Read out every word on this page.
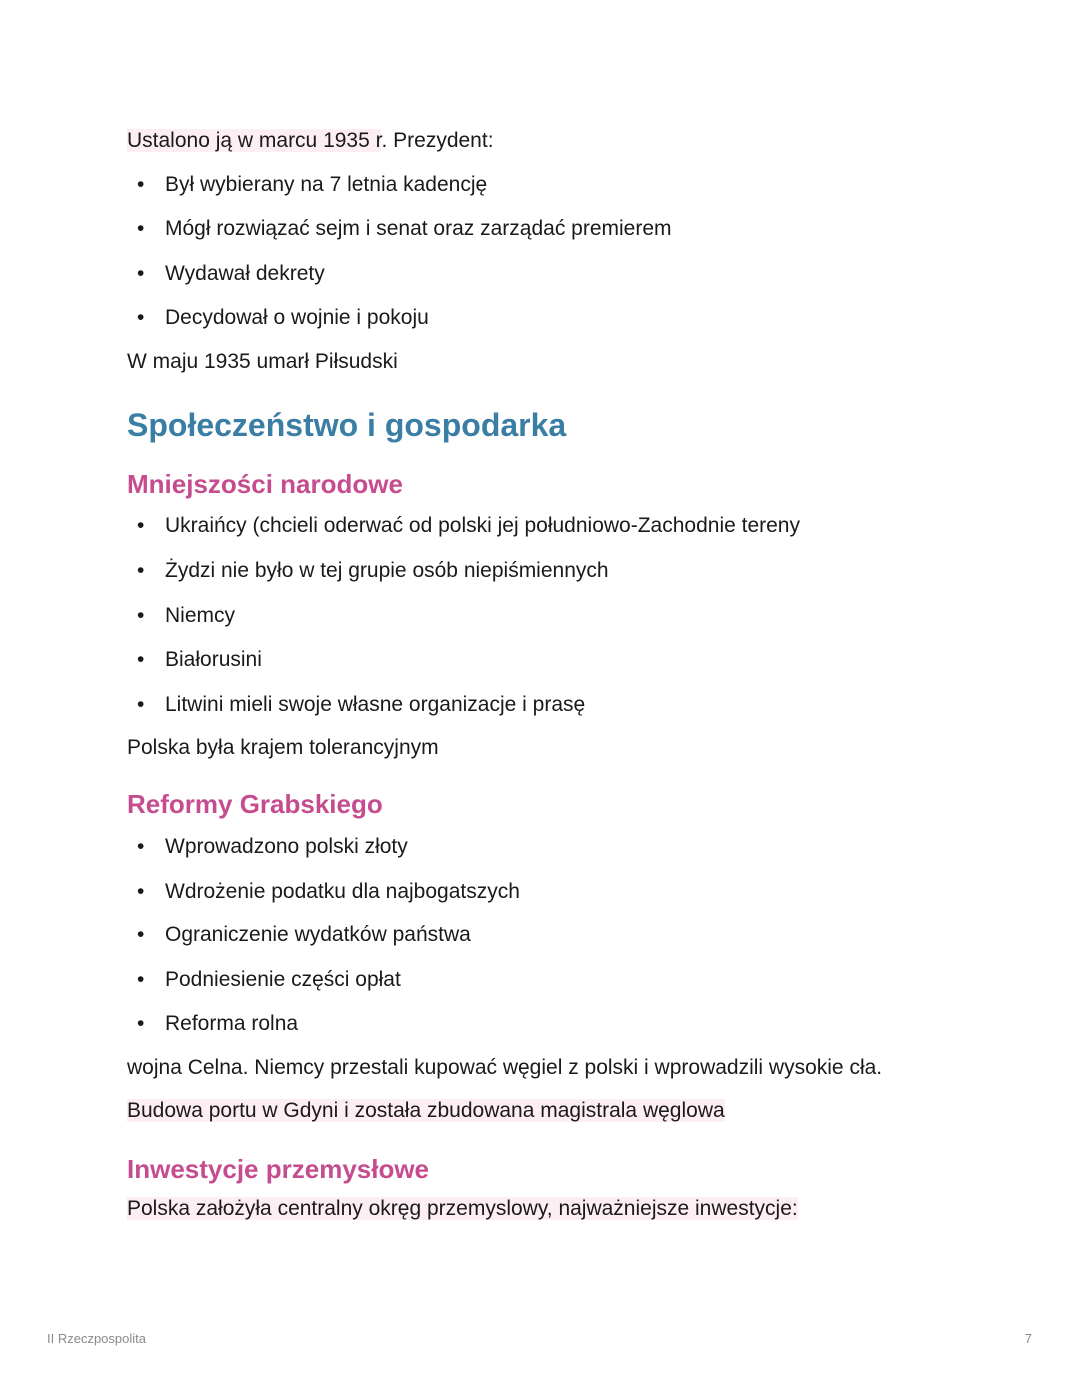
Ustalono ją w marcu 1935 r. Prezydent:

• Był wybierany na 7 letnia kadencję
• Mógł rozwiązać sejm i senat oraz zarządać premierem
• Wydawał dekrety
• Decydował o wojnie i pokoju

W maju 1935 umarł Piłsudski

Społeczeństwo i gospodarka
Mniejszości narodowe
• Ukraińcy (chcieli oderwać od polski jej południowo-Zachodnie tereny
• Żydzi nie było w tej grupie osób niepiśmiennych
• Niemcy
• Białorusini
• Litwini mieli swoje własne organizacje i prasę

Polska była krajem tolerancyjnym

Reformy Grabskiego
• Wprowadzono polski złoty
• Wdrożenie podatku dla najbogatszych
• Ograniczenie wydatków państwa
• Podniesienie części opłat
• Reforma rolna

wojna Celna. Niemcy przestali kupować węgiel z polski i wprowadzili wysokie cła.

Budowa portu w Gdyni i została zbudowana magistrala węglowa

Inwestycje przemysłowe

Polska założyła centralny okręg przemyslowy, najważniejsze inwestycje:

II Rzeczpospolita	7
